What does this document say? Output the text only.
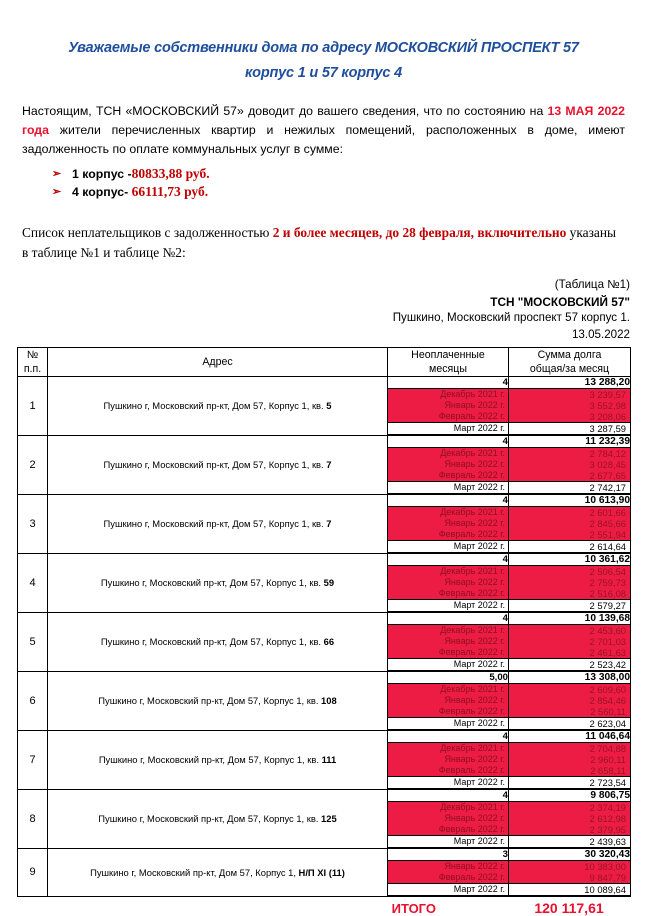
Уважаемые собственники дома по адресу МОСКОВСКИЙ ПРОСПЕКТ 57
корпус 1 и 57 корпус 4

Настоящим, ТСН «МОСКОВСКИЙ 57» доводит до вашего сведения, что по состоянию на 13 МАЯ 2022 года жители перечисленных квартир и нежилых помещений, расположенных в доме, имеют задолженность по оплате коммунальных услуг в сумме:

➢ 1 корпус -80833,88 руб.
➢ 4 корпус- 66111,73 руб.

Список неплательщиков с задолженностью 2 и более месяцев, до 28 февраля, включительно указаны в таблице №1 и таблице №2:

(Таблица №1)
ТСН "МОСКОВСКИЙ 57"
Пушкино, Московский проспект 57 корпус 1.
13.05.2022
№
п.п.	Адрес	Неоплаченные
месяцы	Сумма долга
общая/за месяц
1	Пушкино г, Московский пр-кт, Дом 57, Корпус 1, кв. 5	4	13 288,20
		Декабрь 2021 г.	3 239,57
		Январь 2022 г.	3 552,98
		Февраль 2022 г.	3 208,06
		Март 2022 г.	3 287,59
2	Пушкино г, Московский пр-кт, Дом 57, Корпус 1, кв. 7	4	11 232,39
		Декабрь 2021 г.	2 784,12
		Январь 2022 г.	3 028,45
		Февраль 2022 г.	2 677,65
		Март 2022 г.	2 742,17
3	Пушкино г, Московский пр-кт, Дом 57, Корпус 1, кв. 7	4	10 613,90
		Декабрь 2021 г.	2 601,66
		Январь 2022 г.	2 845,66
		Февраль 2022 г.	2 551,94
		Март 2022 г.	2 614,64
4	Пушкино г, Московский пр-кт, Дом 57, Корпус 1, кв. 59	4	10 361,62
		Декабрь 2021 г.	2 506,54
		Январь 2022 г.	2 759,73
		Февраль 2022 г.	2 516,08
		Март 2022 г.	2 579,27
5	Пушкино г, Московский пр-кт, Дом 57, Корпус 1, кв. 66	4	10 139,68
		Декабрь 2021 г.	2 453,60
		Январь 2022 г.	2 701,03
		Февраль 2022 г.	2 461,63
		Март 2022 г.	2 523,42
6	Пушкино г, Московский пр-кт, Дом 57, Корпус 1, кв. 108	5,00	13 308,00
		Декабрь 2021 г.	2 609,60
		Январь 2022 г.	2 854,46
		Февраль 2022 г.	2 560,11
		Март 2022 г.	2 623,04
7	Пушкино г, Московский пр-кт, Дом 57, Корпус 1, кв. 111	4	11 046,64
		Декабрь 2021 г.	2 704,88
		Январь 2022 г.	2 960,11
		Февраль 2022 г.	2 658,11
		Март 2022 г.	2 723,54
8	Пушкино г, Московский пр-кт, Дом 57, Корпус 1, кв. 125	4	9 806,75
		Декабрь 2021 г.	2 374,19
		Январь 2022 г.	2 612,98
		Февраль 2022 г.	2 379,95
		Март 2022 г.	2 439,63
9	Пушкино г, Московский пр-кт, Дом 57, Корпус 1, Н/П XI (11)	3	30 320,43
		Январь 2022 г.	10 383,00
		Февраль 2022 г.	9 847,79
		Март 2022 г.	10 089,64
ИТОГО	120 117,61
